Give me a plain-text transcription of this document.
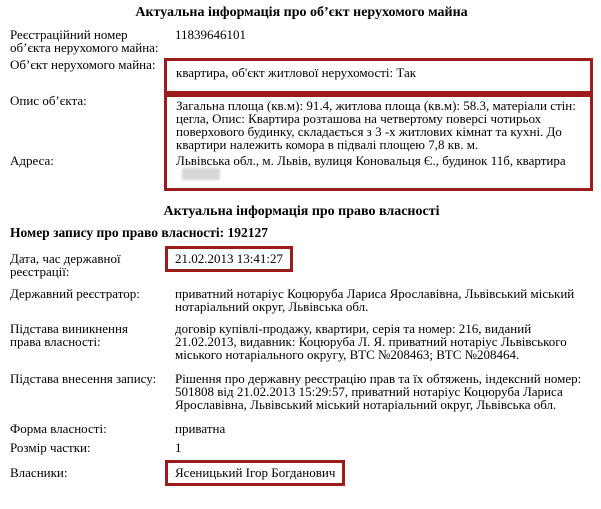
Актуальна інформація про об’єкт нерухомого майна
Реєстраційний номер об’єкта нерухомого майна:
11839646101
Об’єкт нерухомого майна:
квартира, об'єкт житлової нерухомості: Так
Опис об’єкта:	Загальна площа (кв.м): 91.4, житлова площа (кв.м): 58.3, матеріали стін: цегла, Опис: Квартира розташова на четвертому поверсі чотирьох поверхового будинку, складається з 3 -х житлових кімнат та кухні. До квартири належить комора в підвалі площею 7,8 кв. м.
Адреса:	Львівська обл., м. Львів, вулиця Коновальця Є., будинок 11б, квартира
Актуальна інформація про право власності
Номер запису про право власності: 192127
Дата, час державної реєстрації:
21.02.2013 13:41:27
Державний реєстратор:	приватний нотаріус Коцюруба Лариса Ярославівна, Львівський міський нотаріальний округ, Львівська обл.
Підстава виникнення права власності:
договір купівлі-продажу, квартири, серія та номер: 216, виданий 21.02.2013, видавник: Коцюруба Л. Я. приватний нотаріус Львівського міського нотаріального округу, ВТС №208463; ВТС №208464.
Підстава внесення запису:	Рішення про державну реєстрацію прав та їх обтяжень, індексний номер: 501808 від 21.02.2013 15:29:57, приватний нотаріус Коцюруба Лариса Ярославівна, Львівський міський нотаріальний округ, Львівська обл.
Форма власності:	приватна
Розмір частки:	1
Власники:	Ясеницький Ігор Богданович
